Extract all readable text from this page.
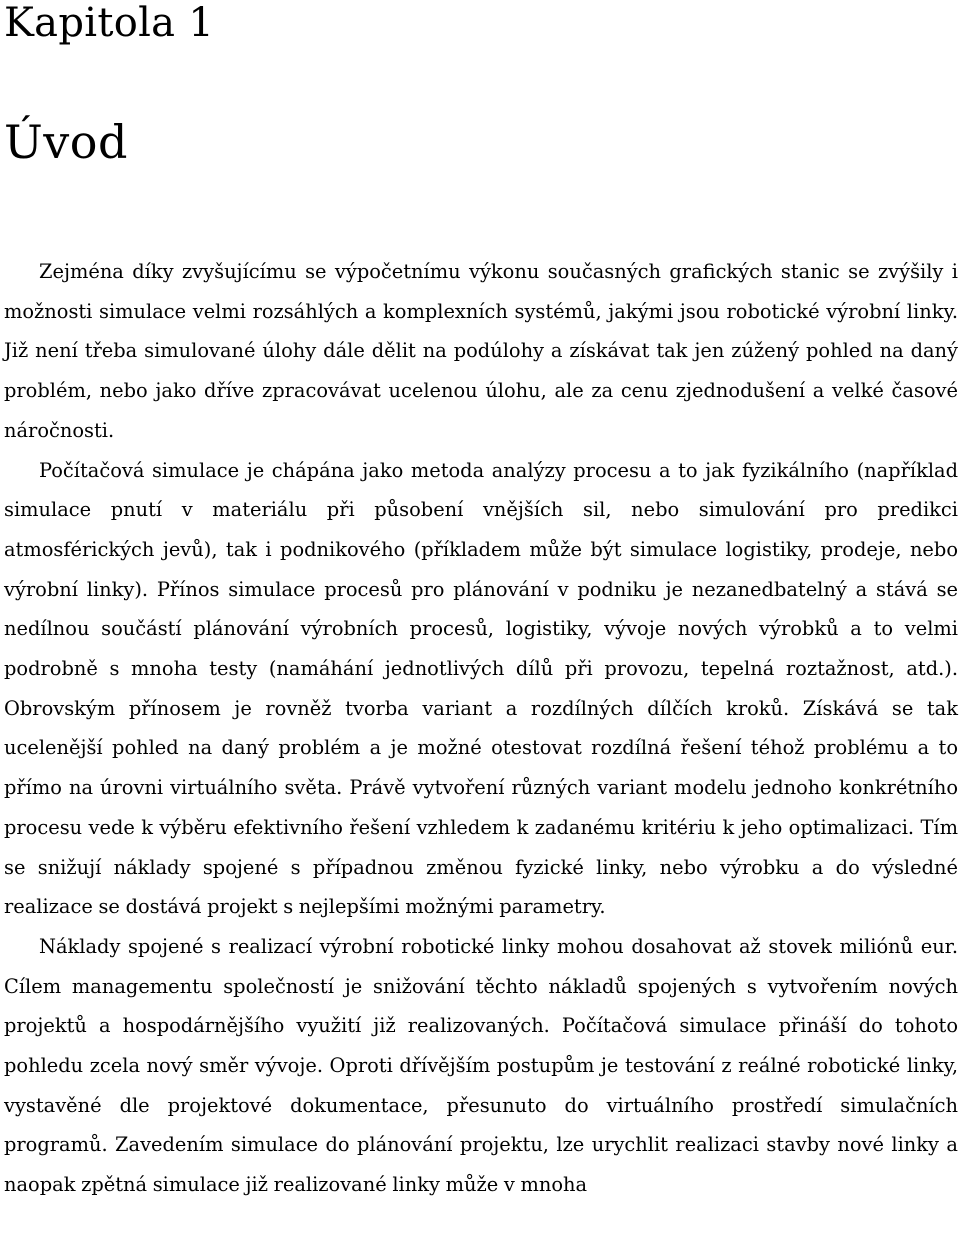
Kapitola 1
Úvod

Zejména díky zvyšujícímu se výpočetnímu výkonu současných grafických stanic se zvýšily i možnosti simulace velmi rozsáhlých a komplexních systémů, jakými jsou robotické výrobní linky. Již není třeba simulované úlohy dále dělit na podúlohy a získávat tak jen zúžený pohled na daný problém, nebo jako dříve zpracovávat ucelenou úlohu, ale za cenu zjednodušení a velké časové náročnosti.

Počítačová simulace je chápána jako metoda analýzy procesu a to jak fyzikálního (například simulace pnutí v materiálu při působení vnějších sil, nebo simulování pro predikci atmosférických jevů), tak i podnikového (příkladem může být simulace logistiky, prodeje, nebo výrobní linky). Přínos simulace procesů pro plánování v podniku je nezanedbatelný a stává se nedílnou součástí plánování výrobních procesů, logistiky, vývoje nových výrobků a to velmi podrobně s mnoha testy (namáhání jednotlivých dílů při provozu, tepelná roztažnost, atd.). Obrovským přínosem je rovněž tvorba variant a rozdílných dílčích kroků. Získává se tak ucelenější pohled na daný problém a je možné otestovat rozdílná řešení téhož problému a to přímo na úrovni virtuálního světa. Právě vytvoření různých variant modelu jednoho konkrétního procesu vede k výběru efektivního řešení vzhledem k zadanému kritériu k jeho optimalizaci. Tím se snižují náklady spojené s případnou změnou fyzické linky, nebo výrobku a do výsledné realizace se dostává projekt s nejlepšími možnými parametry.

Náklady spojené s realizací výrobní robotické linky mohou dosahovat až stovek miliónů eur. Cílem managementu společností je snižování těchto nákladů spojených s vytvořením nových projektů a hospodárnějšího využití již realizovaných. Počítačová simulace přináší do tohoto pohledu zcela nový směr vývoje. Oproti dřívějším postupům je testování z reálné robotické linky, vystavěné dle projektové dokumentace, přesunuto do virtuálního prostředí simulačních programů. Zavedením simulace do plánování projektu, lze urychlit realizaci stavby nové linky a naopak zpětná simulace již realizované linky může v mnoha
